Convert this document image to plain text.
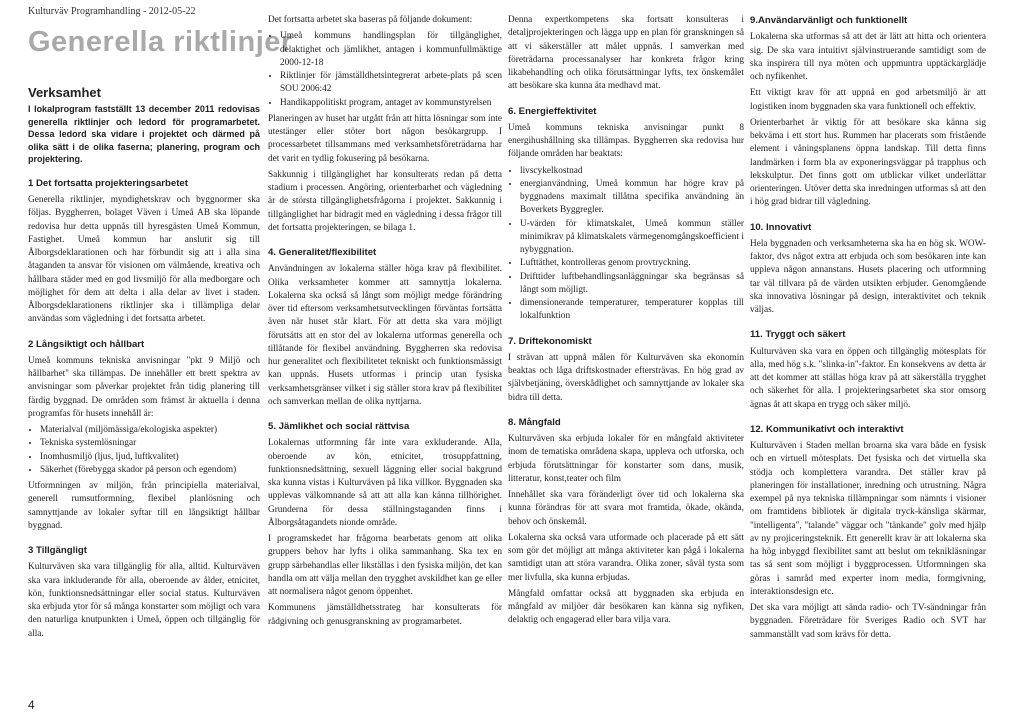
Kulturväv Programhandling - 2012-05-22
Generella riktlinjer
Verksamhet

I lokalprogram fastställt 13 december 2011 redovisas generella riktlinjer och ledord för programarbetet. Dessa ledord ska vidare i projektet och därmed på olika sätt i de olika faserna; planering, program och projektering.

1 Det fortsatta projekteringsarbetet

Generella riktlinjer, myndighetskrav och byggnormer ska följas. Byggherren, bolaget Väven i Umeå AB ska löpande redovisa hur detta uppnås till hyresgästen Umeå Kommun, Fastighet. Umeå kommun har anslutit sig till Ålborgsdeklarationen och har förbundit sig att i alla sina åtaganden ta ansvar för visionen om välmående, kreativa och hållbara städer med en god livsmiljö för alla medborgare och möjlighet för dem att delta i alla delar av livet i staden. Ålborgsdeklarationens riktlinjer ska i tillämpliga delar användas som vägledning i det fortsatta arbetet.

2 Långsiktigt och hållbart

Umeå kommuns tekniska anvisningar "pkt 9 Miljö och hållbarhet" ska tillämpas. De innehåller ett brett spektra av anvisningar som påverkar projektet från tidig planering till färdig byggnad. De områden som främst är aktuella i denna programfas för husets innehåll är:

• Materialval (miljömässiga/ekologiska aspekter)
• Tekniska systemlösningar
• Inomhusmiljö (ljus, ljud, luftkvalitet)
• Säkerhet (förebygga skador på person och egendom)

Utformningen av miljön, från principiella materialval, generell rumsutformning, flexibel planlösning och samnyttjande av lokaler syftar till en långsiktigt hållbar byggnad.

3 Tillgängligt

Kulturväven ska vara tillgänglig för alla, alltid. Kulturväven ska vara inkluderande för alla, oberoende av ålder, etnicitet, kön, funktionsnedsättningar eller social status. Kulturväven ska erbjuda ytor för så många konstarter som möjligt och vara den naturliga knutpunkten i Umeå, öppen och tillgänglig för alla.

Det fortsatta arbetet ska baseras på följande dokument:

• Umeå kommuns handlingsplan för tillgänglighet, delaktighet och jämlikhet, antagen i kommunfullmäktige 2000-12-18
• Riktlinjer för jämställdhetsintegrerat arbete-plats på scen SOU 2006:42
• Handikappolitiskt program, antaget av kommunstyrelsen

Planeringen av huset har utgått från att hitta lösningar som inte utestänger eller stöter bort någon besökargrupp. I processarbetet tillsammans med verksamhetsföreträdarna har det varit en tydlig fokusering på besökarna.

Sakkunnig i tillgänglighet har konsulterats redan på detta stadium i processen. Angöring, orienterbarhet och vägledning är de största tillgänglighetsfrågorna i projektet. Sakkunnig i tillgänglighet har bidragit med en vägledning i dessa frågor till det fortsatta projekteringen, se bilaga 1.

4. Generalitet/flexibilitet

Användningen av lokalerna ställer höga krav på flexibilitet. Olika verksamheter kommer att samnyttja lokalerna. Lokalerna ska också så långt som möjligt medge förändring över tid eftersom verksamhetsutvecklingen förväntas fortsätta även när huset står klart. För att detta ska vara möjligt förutsätts att en stor del av lokalerna utformas generella och tillåtande för flexibel användning. Byggherren ska redovisa hur generalitet och flexibilitetet tekniskt och funktionsmässigt kan uppnås. Husets utformas i princip utan fysiska verksamhetsgränser vilket i sig ställer stora krav på flexibilitet och samverkan mellan de olika nyttjarna.

5. Jämlikhet och social rättvisa

Lokalernas utformning får inte vara exkluderande. Alla, oberoende av kön, etnicitet, trosuppfattning, funktionsnedsättning, sexuell läggning eller social bakgrund ska kunna vistas i Kulturväven på lika villkor. Byggnaden ska upplevas välkomnande så att att alla kan känna tillhörighet. Grunderna för dessa ställningstaganden finns i Ålborgsåtagandets nionde område.

I programskedet har frågorna bearbetats genom att olika gruppers behov har lyfts i olika sammanhang. Ska tex en grupp särbehandlas eller likställas i den fysiska miljön, det kan handla om att välja mellan den trygghet avskildhet kan ge eller att normalisera något genom öppenhet.

Kommunens jämställdhetsstrateg har konsulterats för rådgivning och genusgranskning av programarbetet.

Denna expertkompetens ska fortsatt konsulteras i detaljprojekteringen och lägga upp en plan för granskningen så att vi säkerställer att målet uppnås. I samverkan med företrädarna processanalyser har konkreta frågor kring likabehandling och olika förutsättningar lyfts, tex önskemålet att besökare ska kunna äta medhavd mat.

6. Energieffektivitet

Umeå kommuns tekniska anvisningar punkt 8 energihushållning ska tillämpas. Byggherren ska redovisa hur följande områden har beaktats:

• livscykelkostnad
• energianvändning, Umeå kommun har högre krav på byggnadens maximalt tillåtna specifika användning än Boverkets Byggregler.
• U-värden för klimatskalet, Umeå kommun ställer minimikrav på klimatskalets värmegenomgångskoefficient i nybyggnation.
• Lufttäthet, kontrolleras genom provtryckning.
• Drifttider luftbehandlingsanläggningar ska begränsas så långt som möjligt.
• dimensionerande temperaturer, temperaturer kopplas till lokalfunktion
7. Driftekonomiskt

I strävan att uppnå målen för Kulturväven ska ekonomin beaktas och låga driftskostnader eftersträvas. En hög grad av självbetjäning, överskådlighet och samnyttjande av lokaler ska bidra till detta.

8. Mångfald

Kulturväven ska erbjuda lokaler för en mångfald aktiviteter inom de tematiska områdena skapa, uppleva och utforska, och erbjuda förutsättningar för konstarter som dans, musik, litteratur, konst,teater och film

Innehållet ska vara föränderligt över tid och lokalerna ska kunna förändras för att svara mot framtida, ökade, okända, behov och önskemål.

Lokalerna ska också vara utformade och placerade på ett sätt som gör det möjligt att många aktiviteter kan pågå i lokalerna samtidigt utan att störa varandra. Olika zoner, såväl tysta som mer livfulla, ska kunna erbjudas.

Mångfald omfattar också att byggnaden ska erbjuda en mångfald av miljöer där besökaren kan känna sig nyfiken, delaktig och engagerad eller bara vilja vara.

9.Användarvänligt och funktionellt

Lokalerna ska utformas så att det är lätt att hitta och orientera sig. De ska vara intuitivt självinstruerande samtidigt som de ska inspirera till nya möten och uppmuntra upptäckarglädje och nyfikenhet.

Ett viktigt krav för att uppnå en god arbetsmiljö är att logistiken inom byggnaden ska vara funktionell och effektiv.

Orienterbarhet är viktig för att besökare ska känna sig bekväma i ett stort hus. Rummen har placerats som fristående element i våningsplanens öppna landskap. Till detta finns landmärken i form bla av exponeringsväggar på trapphus och lekskulptur. Det finns gott om utblickar vilket underlättar orienteringen. Utöver detta ska inredningen utformas så att den i hög grad bidrar till vägledning.

10. Innovativt

Hela byggnaden och verksamheterna ska ha en hög sk. WOW-faktor, dvs något extra att erbjuda och som besökaren inte kan uppleva någon annanstans. Husets placering och utformning tar väl tillvara på de värden utsikten erbjuder. Genomgående ska innovativa lösningar på design, interaktivitet och teknik väljas.

11. Tryggt och säkert

Kulturväven ska vara en öppen och tillgänglig mötesplats för alla, med hög s.k. "slinka-in"-faktor. En konsekvens av detta är att det kommer att ställas höga krav på att säkerställa trygghet och säkerhet för alla. I projekteringsarbetet ska stor omsorg ägnas åt att skapa en trygg och säker miljö.

12. Kommunikativt och interaktivt

Kulturväven i Staden mellan broarna ska vara både en fysisk och en virtuell mötesplats. Det fysiska och det virtuella ska stödja och komplettera varandra. Det ställer krav på planeringen för installationer, inredning och utrustning. Några exempel på nya tekniska tillämpningar som nämnts i visioner om framtidens bibliotek är digitala tryck-känsliga skärmar, "intelligenta", "talande" väggar och "tänkande" golv med hjälp av ny projiceringsteknik. Ett generellt krav är att lokalerna ska ha hög inbyggd flexibilitet samt att beslut om teknikläsningar tas så sent som möjligt i byggprocessen. Utformningen ska göras i samråd med experter inom media, formgivning, interaktionsdesign etc.

Det ska vara möjligt att sända radio- och TV-sändningar från byggnaden. Företrädare för Sveriges Radio och SVT har sammanställt vad som krävs för detta.

4
